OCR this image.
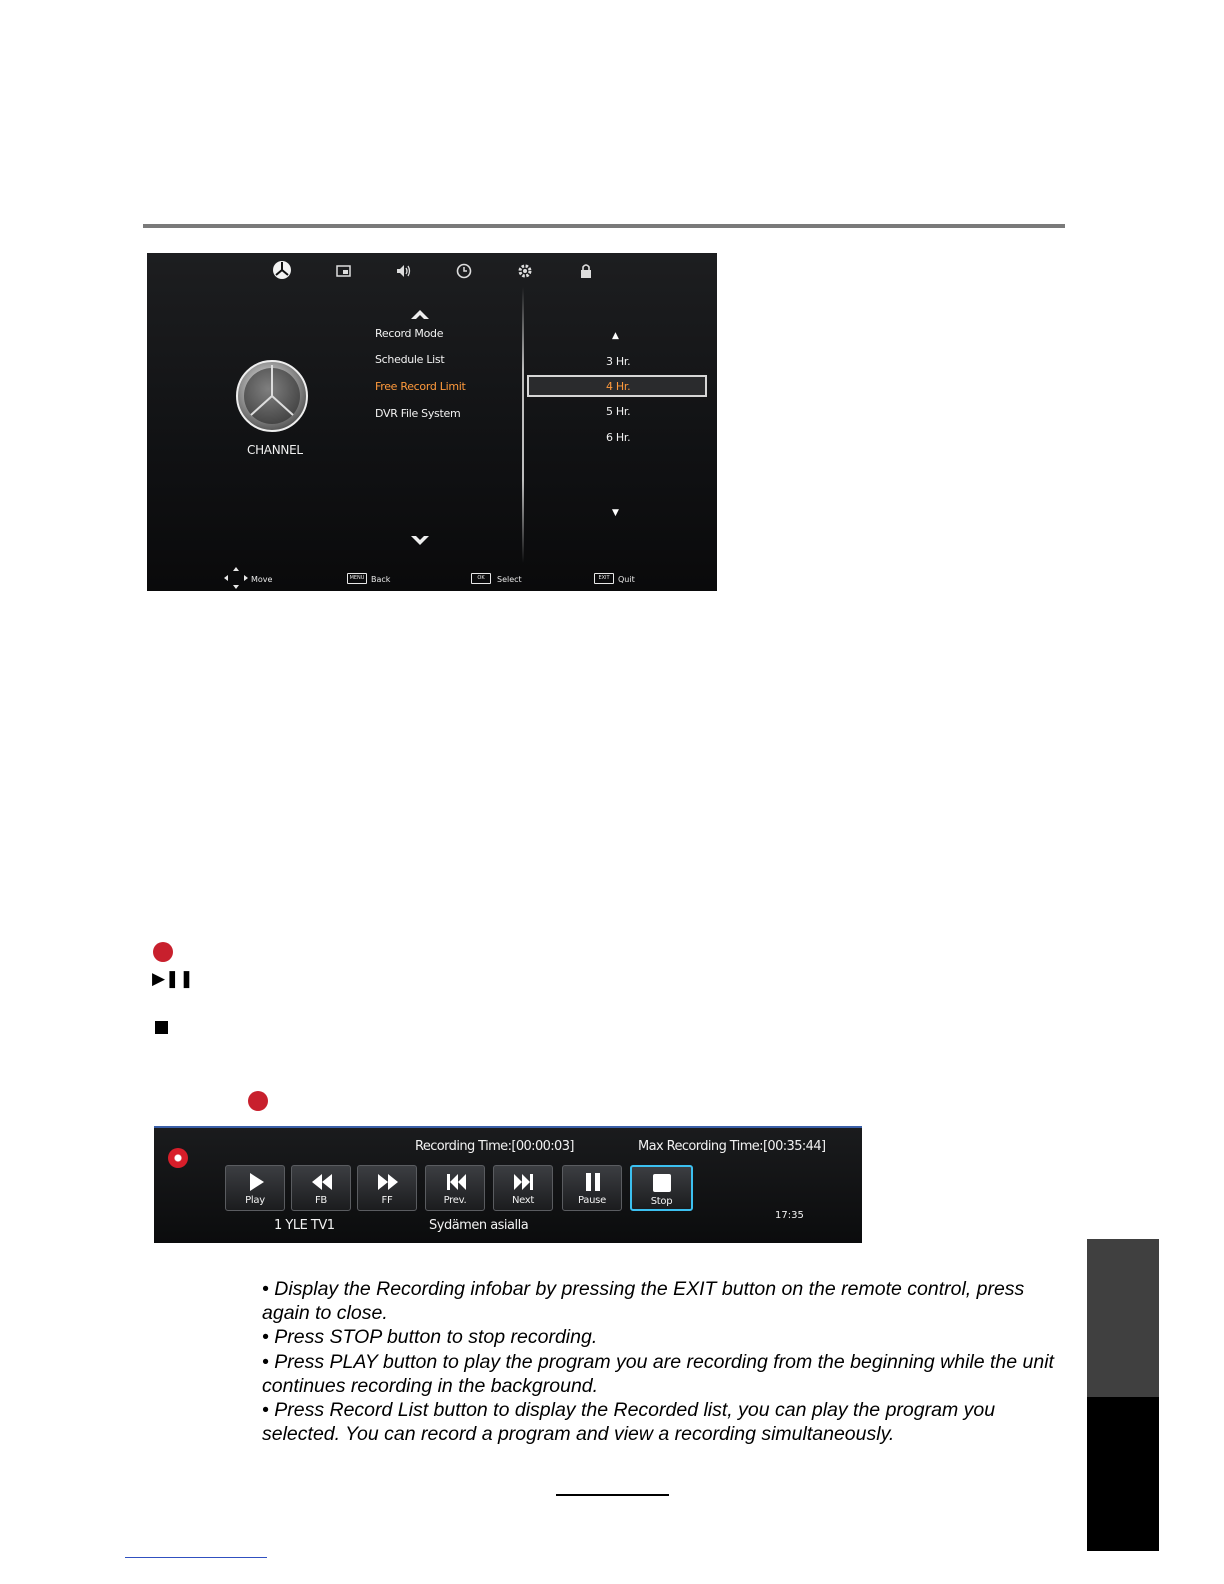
CHANNEL
Record Mode
Schedule List
Free Record Limit
DVR File System
▲
3 Hr.
4 Hr.
5 Hr.
6 Hr.
▼
Move	MENU Back	OK	Select	EXIT	Quit
▶❚❚
Recording Time:[00:00:03]	Max Recording Time:[00:35:44]
Play	FB	FF	Prev.	Next	Pause	Stop
17:35
1 YLE TV1	Sydämen asialla

• Display the Recording infobar by pressing the EXIT button on the remote control, press again to close.

• Press STOP button to stop recording.

• Press PLAY button to play the program you are recording from the beginning while the unit continues recording in the background.

• Press Record List button to display the Recorded list, you can play the program you selected. You can record a program and view a recording simultaneously.
